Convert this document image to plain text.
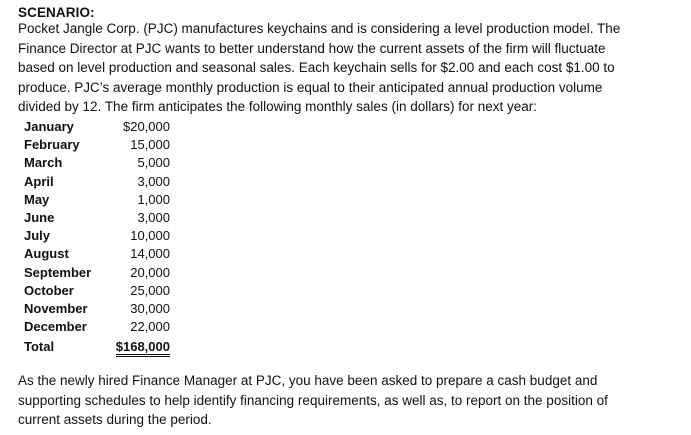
SCENARIO:
Pocket Jangle Corp. (PJC) manufactures keychains and is considering a level production model. The
Finance Director at PJC wants to better understand how the current assets of the firm will fluctuate
based on level production and seasonal sales. Each keychain sells for $2.00 and each cost $1.00 to
produce. PJC’s average monthly production is equal to their anticipated annual production volume
divided by 12. The firm anticipates the following monthly sales (in dollars) for next year:
January	$20,000
February	15,000
March	5,000
April	3,000
May	1,000
June	3,000
July	10,000
August	14,000
September	20,000
October	25,000
November	30,000
December	22,000
Total	$168,000
As the newly hired Finance Manager at PJC, you have been asked to prepare a cash budget and
supporting schedules to help identify financing requirements, as well as, to report on the position of
current assets during the period.
